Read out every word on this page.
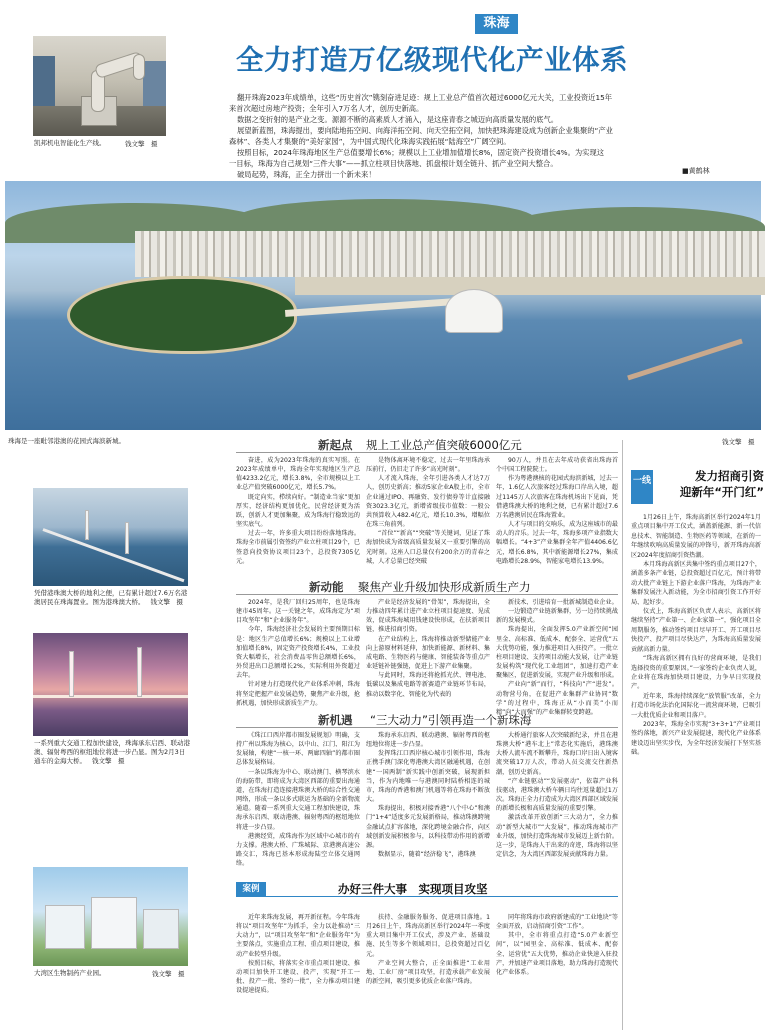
凯邦机电智能化生产线。	钱文擎　摄
珠海
全力打造万亿级现代化产业体系
翻开珠海2023年成绩单，这些“历史首次”镌刻奋进足迹：规上工业总产值首次超过6000亿元大关，工业投资近15年
来首次超过房地产投资；全年引入7万名人才，创历史新高。
数据之变折射的是产业之变。源源不断的高素质人才涌入，是这座青春之城迈向高质量发展的底气。
展望新蓝图，珠海提出，要向陆地拓空间、向海洋拓空间、向天空拓空间，加快把珠海建设成为创新企业集聚的“产业
森林”、各类人才集聚的“美好家园”，为中国式现代化珠海实践拓展“陆海空”广阔空间。
按照目标，2024年珠海地区生产总值要增长6%；规模以上工业增加值增长8%，固定资产投资增长4%。为实现这
一目标，珠海为自己规划“三件大事”——抓立柱项目快落地、抓盘根计划全链升、抓产业空间大整合。
破局起势，珠海，正全力拼出一个新未来！	■黄鹤林
珠海是一座毗邻港澳的花园式海滨新城。	钱文擎　摄
凭借港珠澳大桥的地利之便，已有累计超过7.6万名港澳居民在珠海置业。图为港珠澳大桥。 钱文擎　摄
一系列重大交通工程加快建设，珠海承东启西、联动港澳、辐射粤西的枢纽地位将进一步凸显。图为2月3日通车的金海大桥。 钱文擎　摄
大湾区生物制药产业园。	钱文擎　摄
新起点 规上工业总产值突破6000亿元

奋进，成为2023年珠海的真实写照。在2023年成绩单中，珠海全年实现地区生产总值4233.2亿元，增长3.8%，全市规模以上工业总产值突破6000亿元，增长5.7%。

既定向实，栉续向好。“制造业当家”更加厚实，经济结构更加优化，民营经济更为活跃，创新人才更加集聚，成为珠海行稳致远的坚实底气。

过去一年，许多重大项目纷纷落地珠海。珠海全市前属引资签约产业立柱项目29个，已签意向投资协议项目23个，总投资7305亿元。

是物体离环境不稳定，过去一年里珠海承压前行，仍旧走了许多“高光时刻”。

人才流入珠海，全年引进各类人才达7万人，创历史新高；推动5家企业A股上市，全市企业通过IPO、再融资、发行债券等计直接融资3023.3亿元，新增省级技市值数：一般公共预算收入482.4亿元，增长10.3%，增幅位在珠三角前列。

“首位”“新高”“突破”等关键词，见证了珠海加快成为省级高质量发展又一重要引擎的高光时刻。这座人口总量仅有200余万的青春之城，人才总量已经突破

90万人，并且在去年成功获省出珠海首个中国工程院院士。

作为粤港澳核的花园式海滨新城，过去一年，1.6亿人次旅客经过珠海口岸出入境，超过1145万人次旅客在珠海机场出下见面，凭借港珠澳大桥的地利之便，已有累计超过7.6万名港澳居民在珠海置业。

人才与项目的交响乐，成为这座城市的最动人的音乐。过去一年，珠海多项产业指数大幅增长。“4+3”产业集群全年产值4406.6亿元，增长6.8%，其中新能源增长27%，集成电路增长28.9%，智能家电增长13.9%。

新动能 聚焦产业升级加快形成新质生产力

2024年，是我厂回归25周年，也是珠海建市45周年。这一关键之年，成珠海定为“项目攻坚年”和“企业服务年”。

今年，珠海经济社会发展的主要预期目标是：地区生产总值增长6%；规模以上工业增加值增长8%，固定资产投资增长4%，工业投资大幅增长，社会消费品零售总额增长6%，外贸进出口总额增长2%，实际利用外资超过去年。

针对建力打造现代化产业体系冲刺，珠海将坚定把握产业发展趋势，聚焦产业升级，抢抓机遇，加快形成新质生产力。

产业是经济发展的“骨架”，珠海提出，全力推动四年累计进产业立柱项目提速度、见成效，促成珠海城用钱建设快形成，在扶新项目链，推进招商引资。

在产业结构上，珠海将推动新型储能产业向上游原材料延伸，加快新能源、新材料、集成电路、生物医药与健康、智能装备等重点产业延链补链强链，促进上下游产业集聚。

与此同时，珠海还将抢抓光伏、锂电池、低碳以及集成电路等新赛道产业链环节布局，推动以数字化、智能化为代表的

新技术、引进培育一批新城制造业企业。

一边锻造产业链新集群，另一边持续挑战新的发展模式。

珠海提出，全面发挥5.0产业新空间“园里金、高标准、低成本、配套全、运营优”五大优势功能，强力推进项目入驻投产。一批立柱项目建设、支持项目动能大发展，让产业链发展构筑“现代化工业组团”，加速打造产业聚集区，促进新发展，实现产业升级和形成。

产业向“新”而行，“科技向”产“进发”。动物营号角，在促进产业集群产业协同“数学”的过程中，珠海正从“小而美”小而精”向“大而强”的产业集群转变跨越。

新机遇 “三大动力”引领再造一个新珠海

《珠江口西岸都市圈发展规划》明确，支持广州以珠海为核心，以中山、江门、阳江为发展轴，构建“一核一环、两廊四轴”的都市圈总体发展格局。

一条以珠海为中心、联动澳门、横琴滨水的海防带，即将成为大湾区西部的重要出海通道，在珠海打造连接港珠澳大桥的综合性交通网络，形成一条以多式联运为基础的全新物流通道。随着一系列重大交通工程加快建设，珠海承东启西、联动港澳、辐射粤西的枢纽地位将进一步凸显。

港澳经贸，成珠海作为区域中心城市的有力支撑。港澳大桥、广珠城际、京港澳高速公路交汇，珠海已基本形成海陆空立体交通网络。

珠海承东启西、联动港澳、辐射粤西的枢纽地位将进一步凸显。

发挥珠江口西岸核心城市引领作用，珠海正携手澳门深化粤港澳大湾区融通机遇，在创建“一国两制”新实践中创新突破，展现新担当，作为内地唯一与港澳同时陆桥相连的城市，珠海的香港和澳门机遇等将在珠海不断放大。

珠海提出，积极对接香港“八个中心”和澳门“1+4”适度多元发展新格局，推动珠澳跨境金融试点扩容落地，深化跨境金融合作，向区域创新发展积极参与，以科技带动作用的新增源。

数据显示，随着“经济稳飞”，港珠澳

大桥通行旅客人次突破新纪录，并且在港珠澳大桥“港车北上”常态化实施后，港珠澳大桥人流车流不断攀升，珠海口岸日出入境客流突破17万人次，带动人员交流交往新热潮，创历史新高。

“产业链驱动”“发展驱动”，依靠产业科技驱动，港珠澳大桥车辆日均往返量超过1万次。珠海正全力打造成为大湾区西部区域发展的新增长极和高质量发展的重要引擎。

激活改革开放创新“三大动力”，全力推动“新型大城市”“大发展”，推动珠海城市产业升级，加快打造珠海城市发展迈上新台阶。这一步，是珠海人干出来的奇迹，珠海将以坚定信念，为大湾区西部发展贡献珠海力量。

案例	办好三件大事　实现项目攻坚

近年来珠海发展，再开新征程。今年珠海将以“项目攻坚年”为抓手，全力以赴推动“三大动力”，以“项目攻坚年”和“企业服务年”为主要落点，实施重点工程、重点项目建设，推动产业转型升级。

按照目标，将落实全市重点项目建设、推动项目加快开工建设、投产，实现“开工一批、投产一批、签约一批”，全力推动项目建设提速提质。

扶持、金融服务服务、促进项目落地。1月26日上午，珠海高新区举行2024年一季度重大项目集中开工仪式，涉及产业、基础设施、民生等多个领域项目，总投资超过百亿元。

产业空间大整合，正全面推进“工业用地、工业厂房”项目攻坚，打造承载产业发展的新空间，吸引更多优质企业落户珠海。

同年将珠海市政府新建成的“工业地块”等全面开放，启动招商引资“工作”。

其中，全市将重点打造“5.0产业新空间”，以“园里金、高标准、低成本、配套全、运营优”五大优势，推动企业快速入驻投产，并加速产业项目落地，助力珠海打造现代化产业体系。

一线	发力招商引资
迎新年“开门红”

1月26日上午，珠海高新区举行2024年1月重点项目集中开工仪式，涵盖新能源、新一代信息技术、智能制造、生物医药等领域，在新的一年继续吹响高质量发展的冲锋号，新开珠海高新区2024年度招商引资热潮。

本月珠海高新区共集中签约重点项目27个，涵盖多条产业链，总投资超过百亿元，预计将带动大批产业链上下游企业落户珠海，为珠海产业集群发展注入新动能，为全市招商引资工作开好局、起好步。

仪式上，珠海高新区负责人表示，高新区将继续坚持“产业第一、企业家第一”，强化项目全周期服务，推动签约项目尽早开工、开工项目尽快投产、投产项目尽快达产，为珠海高质量发展贡献高新力量。

“珠海高新区拥有良好的营商环境，是我们选择投资的重要原因。”一家签约企业负责人说，企业将在珠海加快项目建设，力争早日实现投产。

近年来，珠海持续深化“放管服”改革，全力打造市场化法治化国际化一流营商环境，已吸引一大批优质企业和项目落户。

2023年，珠海全市实现“3+3+1”产业项目签约落地，新兴产业发展提速，现代化产业体系建设迈出坚实步伐，为全年经济发展打下坚实基础。
